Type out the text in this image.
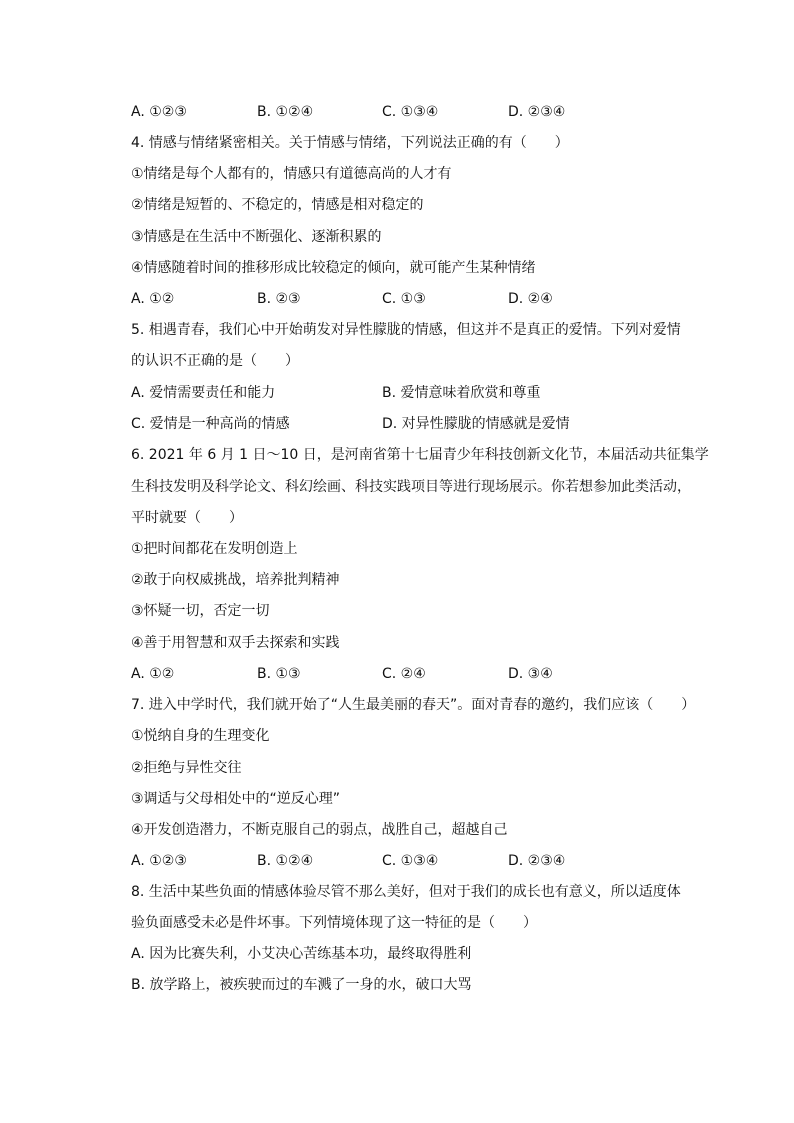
A. ①②③	B. ①②④	C. ①③④	D. ②③④
4. 情感与情绪紧密相关。关于情感与情绪，下列说法正确的有（　　）
①情绪是每个人都有的，情感只有道德高尚的人才有
②情绪是短暂的、不稳定的，情感是相对稳定的
③情感是在生活中不断强化、逐渐积累的
④情感随着时间的推移形成比较稳定的倾向，就可能产生某种情绪
A. ①②	B. ②③	C. ①③	D. ②④
5. 相遇青春，我们心中开始萌发对异性朦胧的情感，但这并不是真正的爱情。下列对爱情
的认识不正确的是（　　）
A. 爱情需要责任和能力	B. 爱情意味着欣赏和尊重
C. 爱情是一种高尚的情感	D. 对异性朦胧的情感就是爱情
6. 2021 年 6 月 1 日～10 日，是河南省第十七届青少年科技创新文化节，本届活动共征集学
生科技发明及科学论文、科幻绘画、科技实践项目等进行现场展示。你若想参加此类活动，
平时就要（　　）
①把时间都花在发明创造上
②敢于向权威挑战，培养批判精神
③怀疑一切，否定一切
④善于用智慧和双手去探索和实践
A. ①②	B. ①③	C. ②④	D. ③④
7. 进入中学时代，我们就开始了“人生最美丽的春天”。面对青春的邀约，我们应该（　　）
①悦纳自身的生理变化
②拒绝与异性交往
③调适与父母相处中的“逆反心理”
④开发创造潜力，不断克服自己的弱点，战胜自己，超越自己
A. ①②③	B. ①②④	C. ①③④	D. ②③④
8. 生活中某些负面的情感体验尽管不那么美好，但对于我们的成长也有意义，所以适度体
验负面感受未必是件坏事。下列情境体现了这一特征的是（　　）
A. 因为比赛失利，小艾决心苦练基本功，最终取得胜利
B. 放学路上，被疾驶而过的车溅了一身的水，破口大骂
